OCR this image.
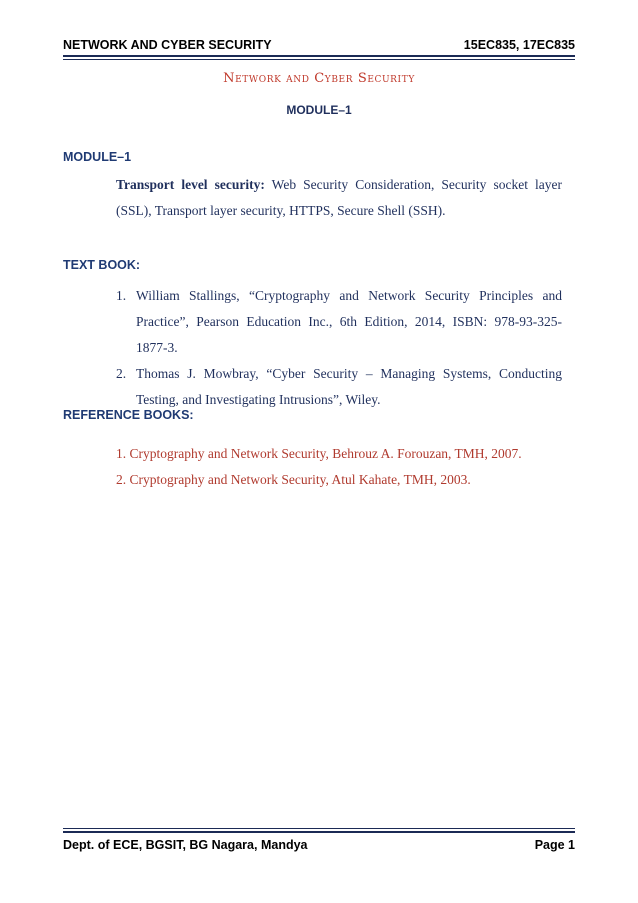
NETWORK AND CYBER SECURITY	15EC835, 17EC835
Network and Cyber Security
MODULE–1
MODULE–1
Transport level security: Web Security Consideration, Security socket layer (SSL), Transport layer security, HTTPS, Secure Shell (SSH).
TEXT BOOK:
1. William Stallings, “Cryptography and Network Security Principles and Practice”, Pearson Education Inc., 6th Edition, 2014, ISBN: 978-93-325- 1877-3.
2. Thomas J. Mowbray, “Cyber Security – Managing Systems, Conducting Testing, and Investigating Intrusions”, Wiley.
REFERENCE BOOKS:
1. Cryptography and Network Security, Behrouz A. Forouzan, TMH, 2007.
2. Cryptography and Network Security, Atul Kahate, TMH, 2003.
Dept. of ECE, BGSIT, BG Nagara, Mandya	Page 1
